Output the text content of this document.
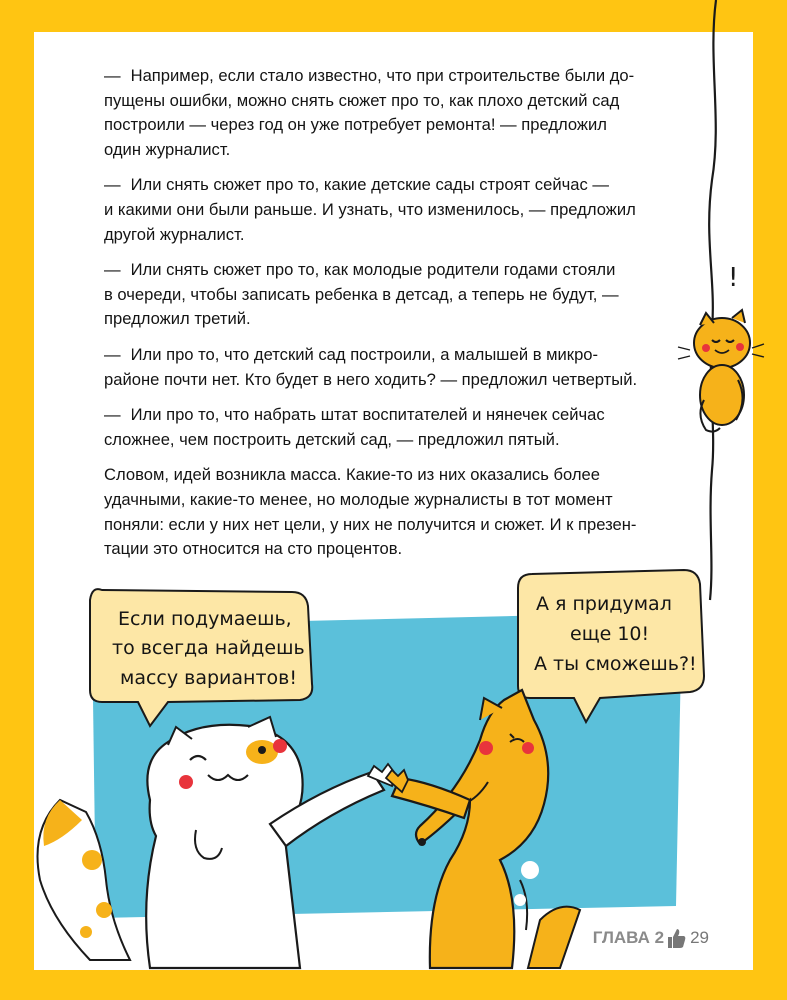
— Например, если стало известно, что при строительстве были до-
пущены ошибки, можно снять сюжет про то, как плохо детский сад
построили — через год он уже потребует ремонта! — предложил
один журналист.

— Или снять сюжет про то, какие детские сады строят сейчас —
и какими они были раньше. И узнать, что изменилось, — предложил
другой журналист.

— Или снять сюжет про то, как молодые родители годами стояли
в очереди, чтобы записать ребенка в детсад, а теперь не будут, —
предложил третий.

— Или про то, что детский сад построили, а малышей в микро-
районе почти нет. Кто будет в него ходить? — предложил четвертый.

— Или про то, что набрать штат воспитателей и нянечек сейчас
сложнее, чем построить детский сад, — предложил пятый.

Словом, идей возникла масса. Какие-то из них оказались более
удачными, какие-то менее, но молодые журналисты в тот момент
поняли: если у них нет цели, у них не получится и сюжет. И к презен-
тации это относится на сто процентов.

!
Если подумаешь,
то всегда найдешь
массу вариантов!
А я придумал
еще 10!
А ты сможешь?!
ГЛАВА 2 29
